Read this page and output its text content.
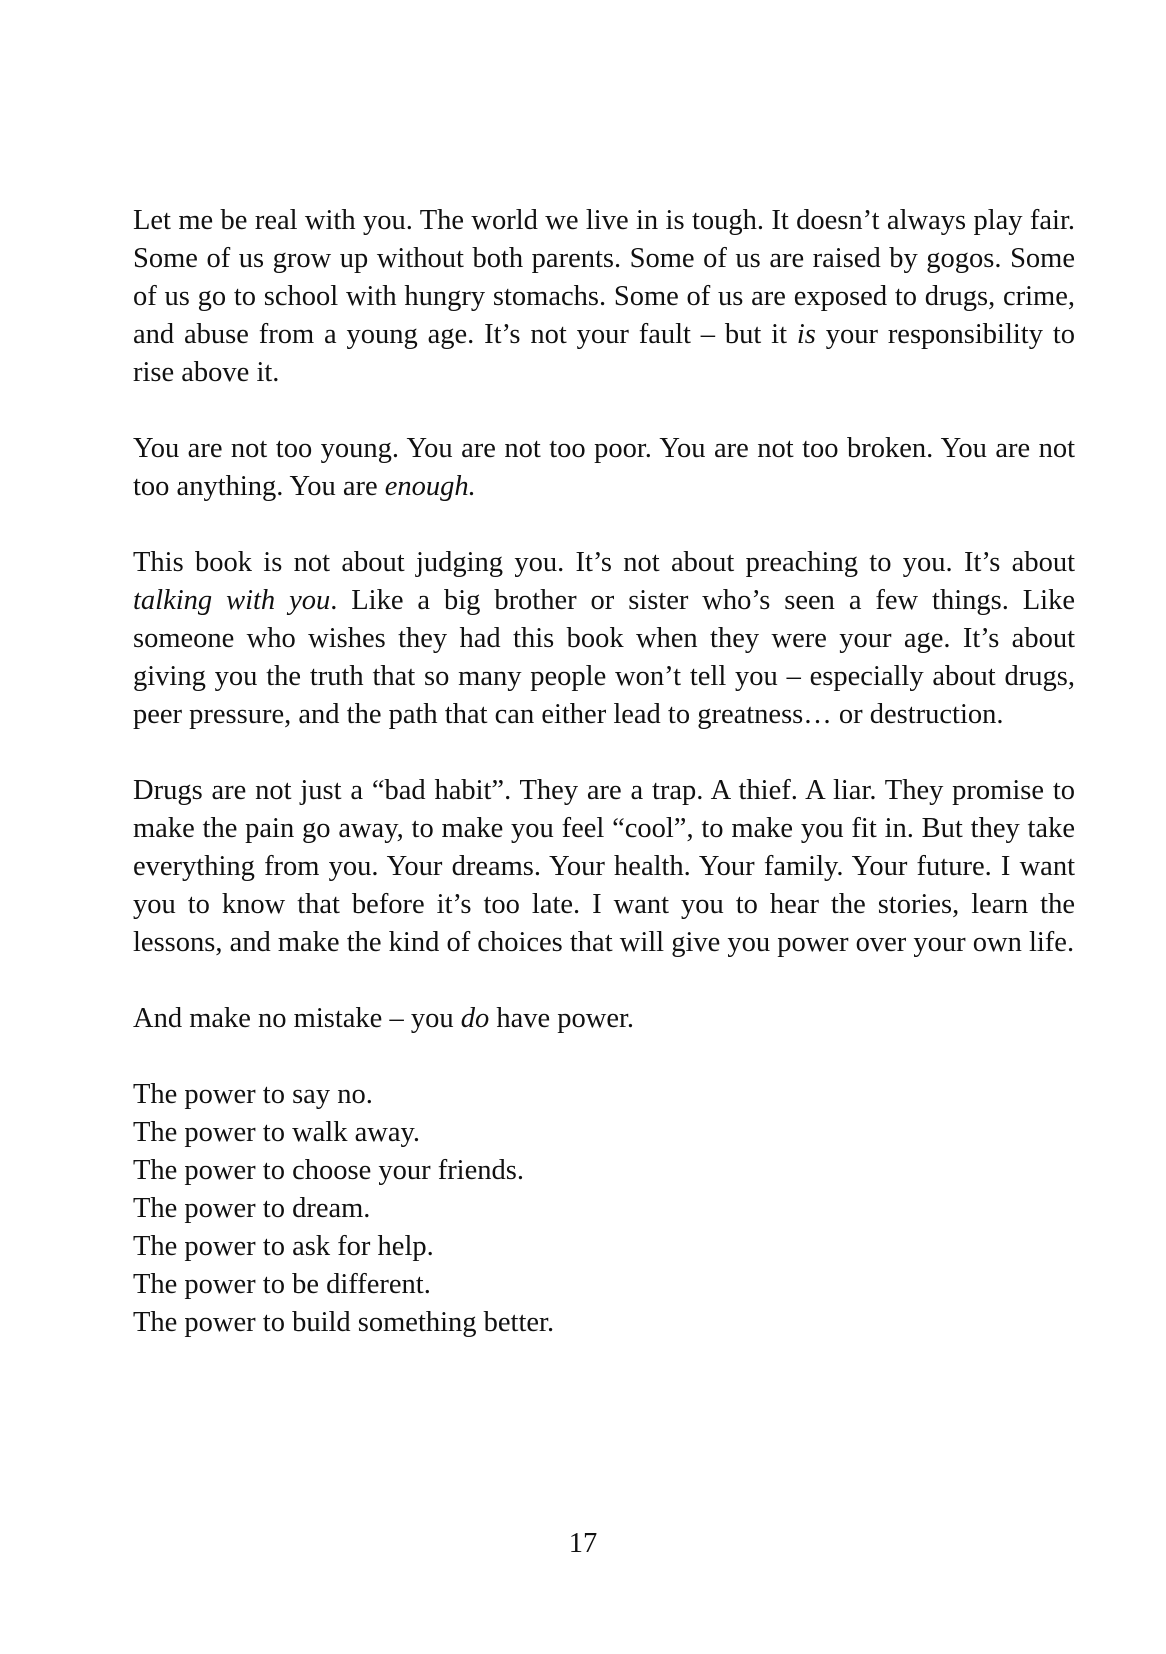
Let me be real with you. The world we live in is tough. It doesn’t always play fair. Some of us grow up without both parents. Some of us are raised by gogos. Some of us go to school with hungry stomachs. Some of us are exposed to drugs, crime, and abuse from a young age. It’s not your fault – but it is your responsibility to rise above it.

You are not too young. You are not too poor. You are not too broken. You are not too anything. You are enough.

This book is not about judging you. It’s not about preaching to you. It’s about talking with you. Like a big brother or sister who’s seen a few things. Like someone who wishes they had this book when they were your age. It’s about giving you the truth that so many people won’t tell you – especially about drugs, peer pressure, and the path that can either lead to greatness… or destruction.

Drugs are not just a “bad habit”. They are a trap. A thief. A liar. They promise to make the pain go away, to make you feel “cool”, to make you fit in. But they take everything from you. Your dreams. Your health. Your family. Your future. I want you to know that before it’s too late. I want you to hear the stories, learn the lessons, and make the kind of choices that will give you power over your own life.

And make no mistake – you do have power.

The power to say no.
The power to walk away.
The power to choose your friends.
The power to dream.
The power to ask for help.
The power to be different.
The power to build something better.
17
